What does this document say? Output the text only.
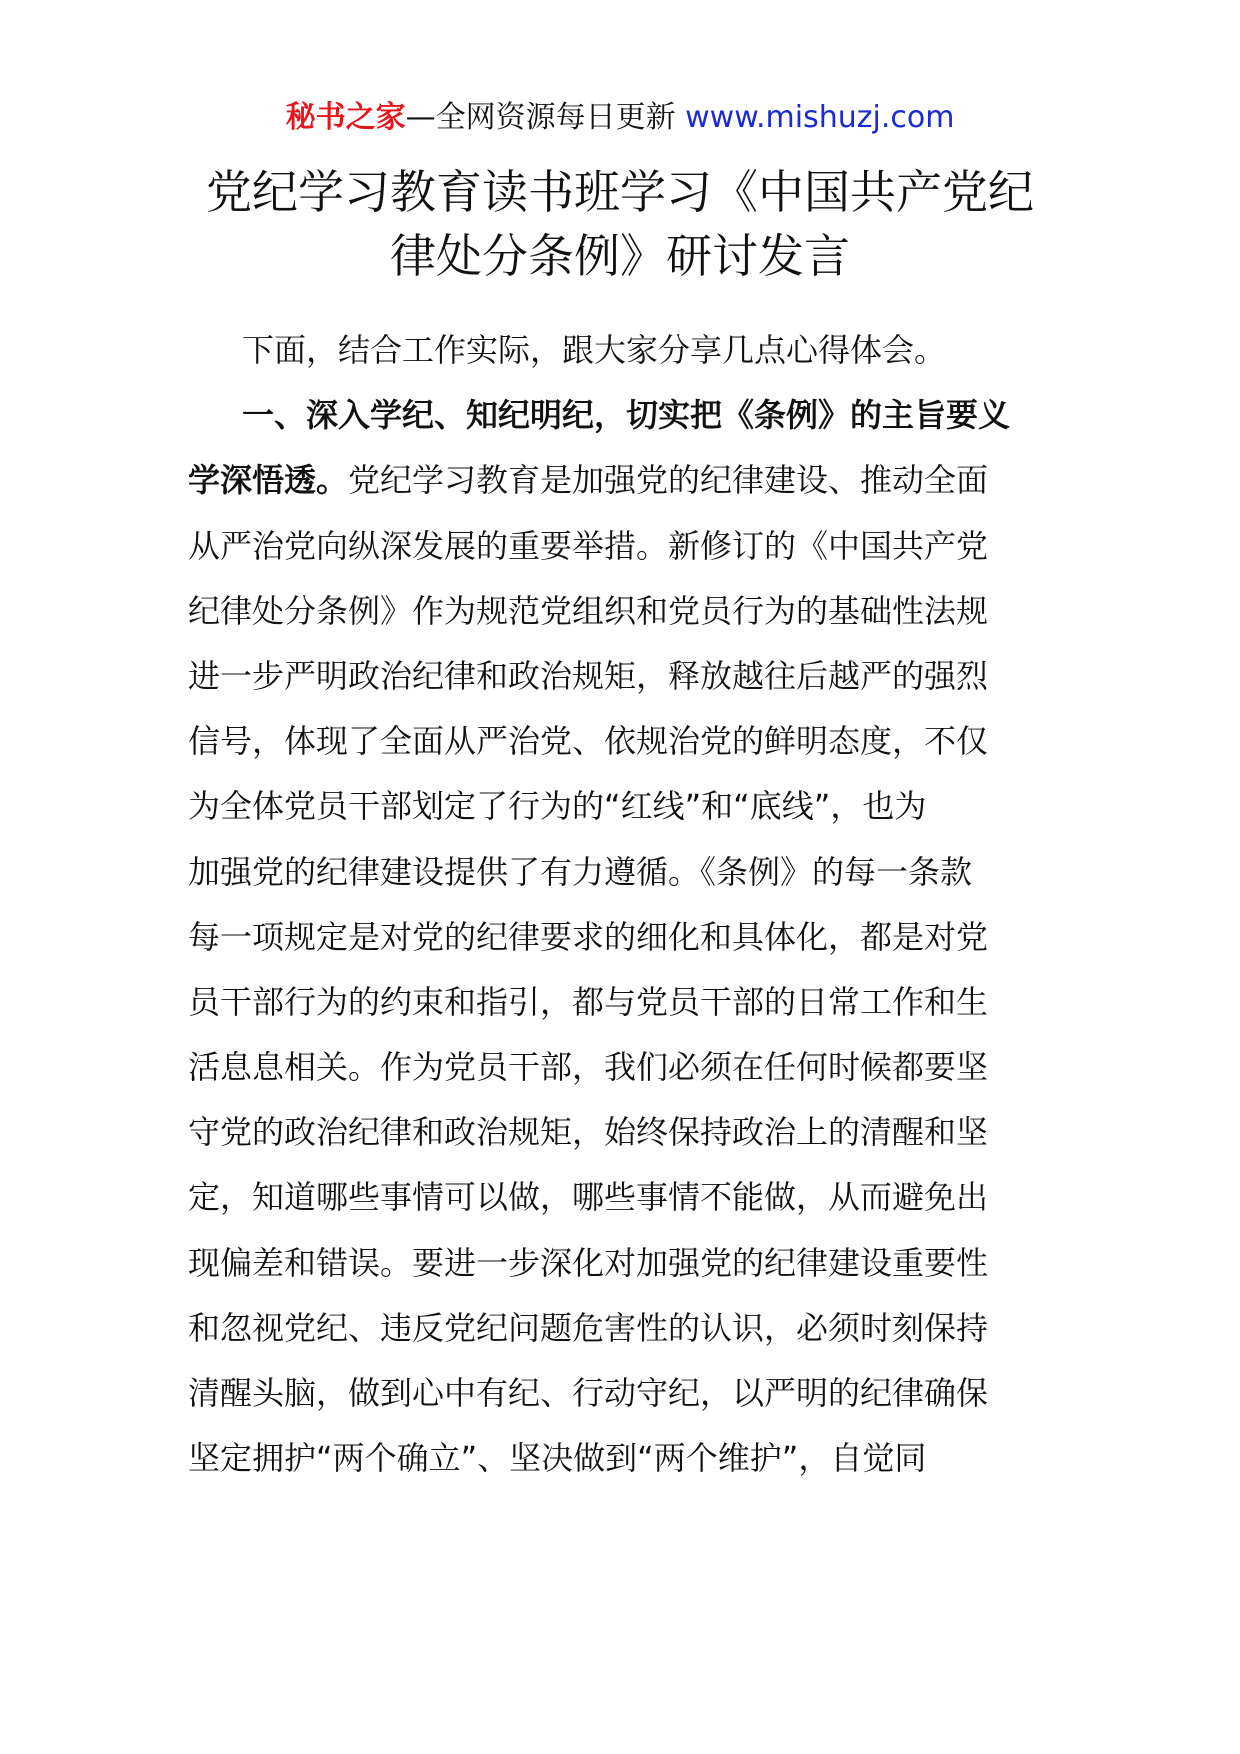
秘书之家—全网资源每日更新 www.mishuzj.com
党纪学习教育读书班学习《中国共产党纪
律处分条例》研讨发言
下面，结合工作实际，跟大家分享几点心得体会。
一、深入学纪、知纪明纪，切实把《条例》的主旨要义
学深悟透。党纪学习教育是加强党的纪律建设、推动全面
从严治党向纵深发展的重要举措。新修订的《中国共产党
纪律处分条例》作为规范党组织和党员行为的基础性法规
进一步严明政治纪律和政治规矩，释放越往后越严的强烈
信号，体现了全面从严治党、依规治党的鲜明态度，不仅
为全体党员干部划定了行为的“红线”和“底线”，也为
加强党的纪律建设提供了有力遵循。《条例》的每一条款
每一项规定是对党的纪律要求的细化和具体化，都是对党
员干部行为的约束和指引，都与党员干部的日常工作和生
活息息相关。作为党员干部，我们必须在任何时候都要坚
守党的政治纪律和政治规矩，始终保持政治上的清醒和坚
定，知道哪些事情可以做，哪些事情不能做，从而避免出
现偏差和错误。要进一步深化对加强党的纪律建设重要性
和忽视党纪、违反党纪问题危害性的认识，必须时刻保持
清醒头脑，做到心中有纪、行动守纪，以严明的纪律确保
坚定拥护“两个确立”、坚决做到“两个维护”，自觉同
